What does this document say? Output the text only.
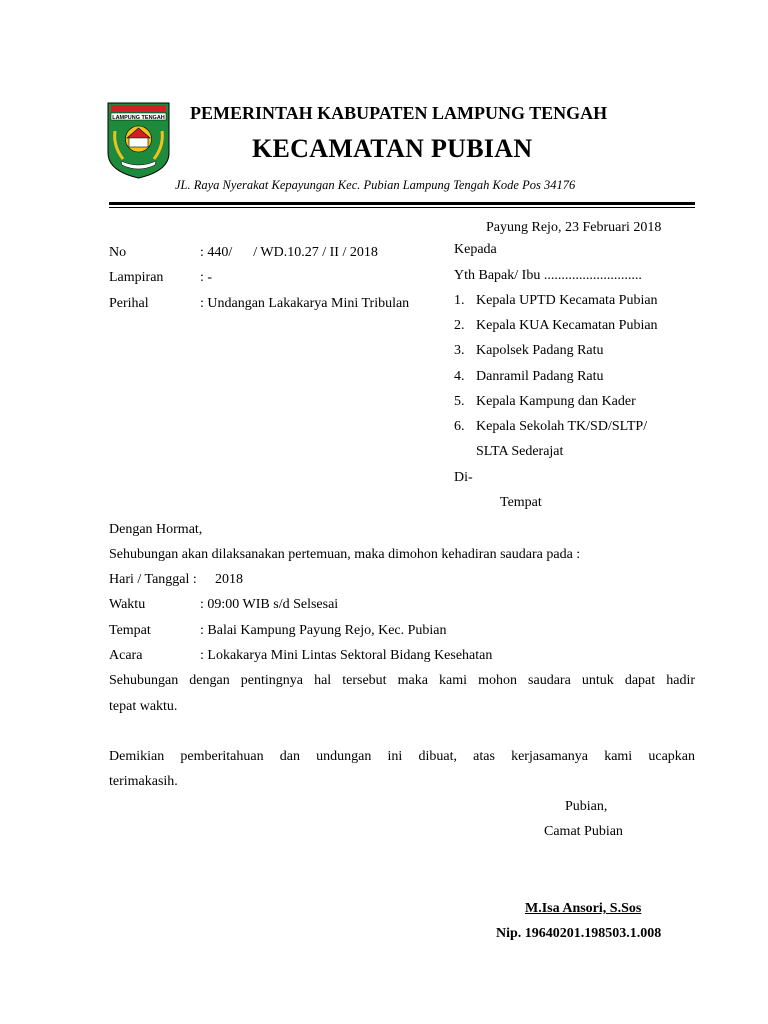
LAMPUNG TENGAH PEMERINTAH KABUPATEN LAMPUNG TENGAH
KECAMATAN PUBIAN
JL. Raya Nyerakat Kepayungan Kec. Pubian Lampung Tengah Kode Pos 34176
Payung Rejo, 23 Februari 2018
No	: 440/      / WD.10.27 / II / 2018
Lampiran	: -
Perihal	: Undangan Lakakarya Mini Tribulan
Kepada
Yth Bapak/ Ibu ............................
1. Kepala UPTD Kecamata Pubian
2. Kepala KUA Kecamatan Pubian
3. Kapolsek Padang Ratu
4. Danramil Padang Ratu
5. Kepala Kampung dan Kader
6. Kepala Sekolah TK/SD/SLTP/
SLTA Sederajat
Di-
Tempat
Dengan Hormat,
Sehubungan akan dilaksanakan pertemuan, maka dimohon kehadiran saudara pada :
Hari / Tanggal : 2018
Waktu	: 09:00 WIB s/d Selsesai
Tempat	: Balai Kampung Payung Rejo, Kec. Pubian
Acara	: Lokakarya Mini Lintas Sektoral Bidang Kesehatan
Sehubungan dengan pentingnya hal tersebut maka kami mohon saudara untuk dapat hadir
tepat waktu.
Demikian pemberitahuan dan undungan ini dibuat, atas kerjasamanya kami ucapkan
terimakasih.
Pubian,
Camat Pubian
M.Isa Ansori, S.Sos
Nip. 19640201.198503.1.008
